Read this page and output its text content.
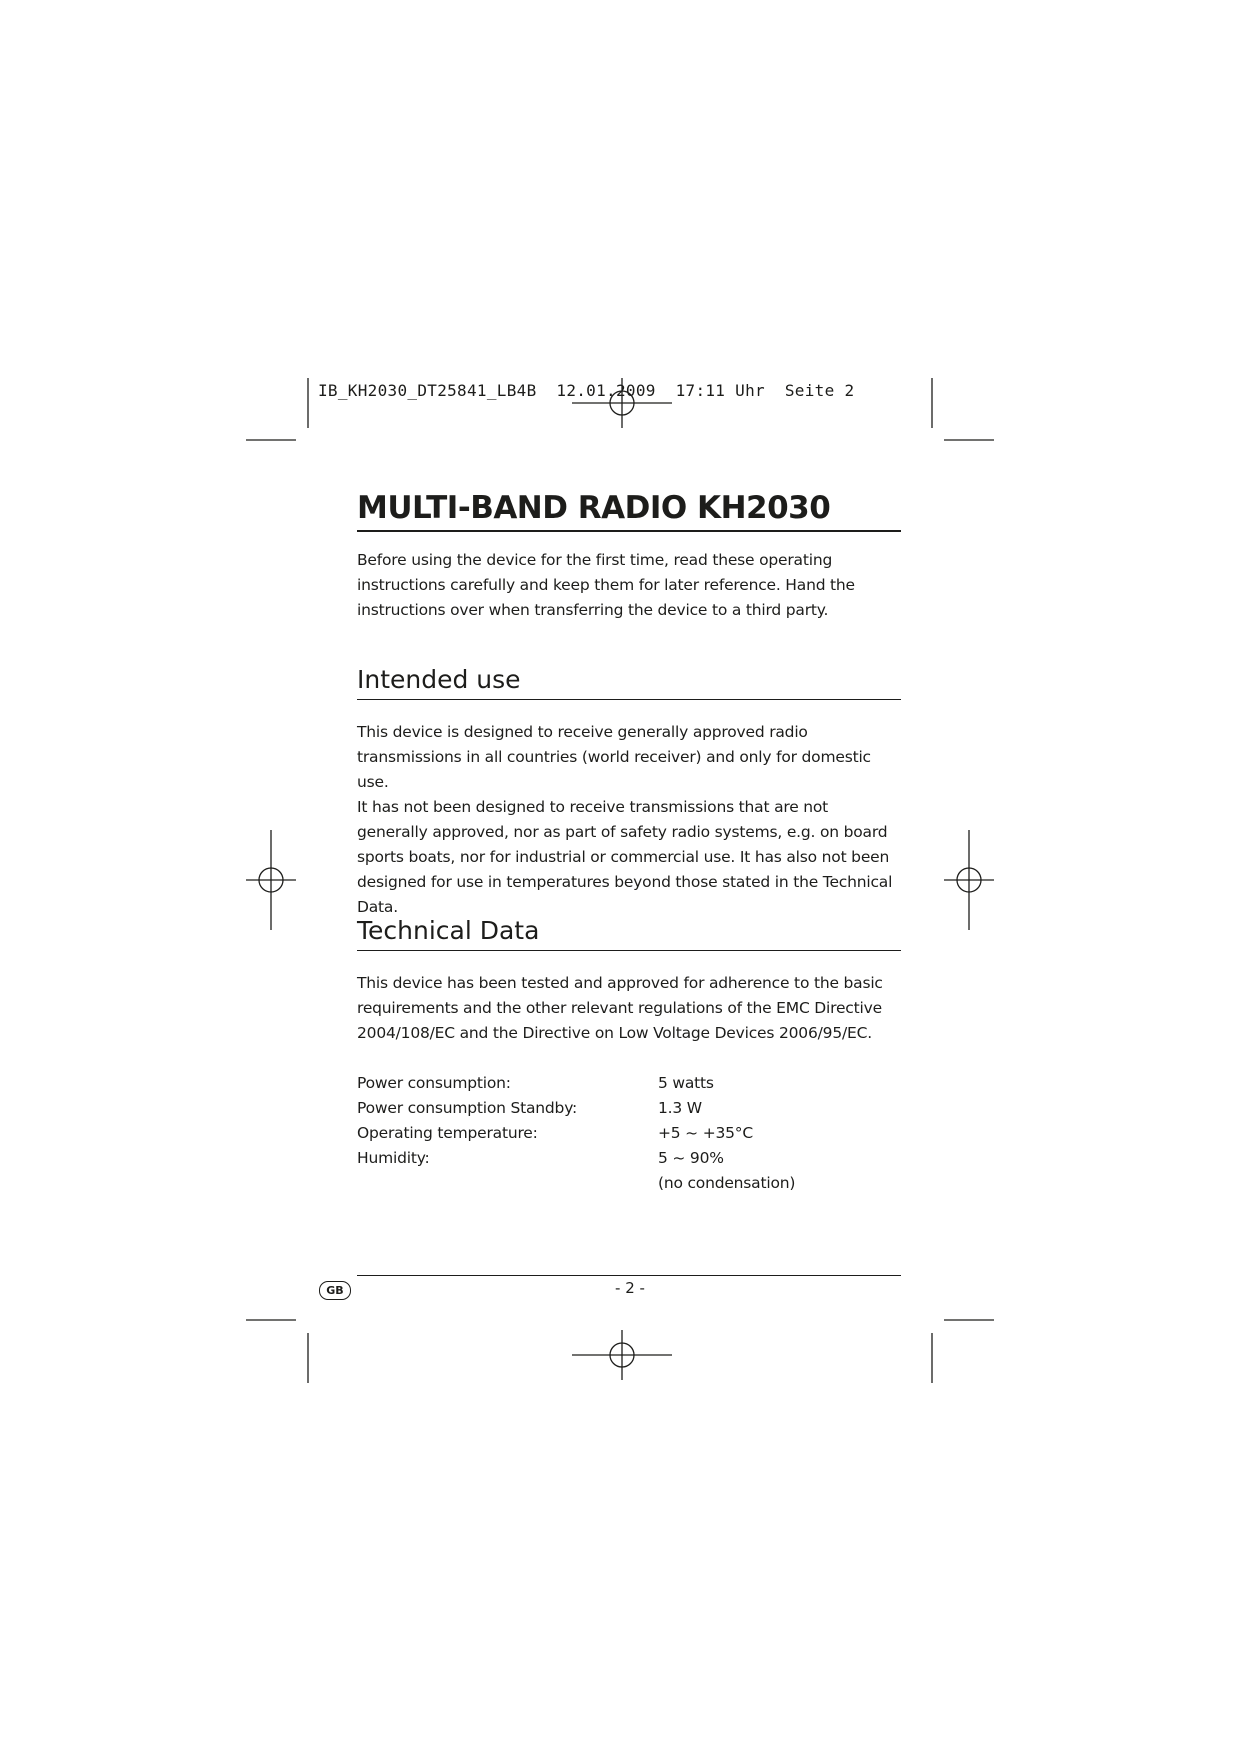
IB_KH2030_DT25841_LB4B  12.01.2009  17:11 Uhr  Seite 2
MULTI-BAND RADIO KH2030

Before using the device for the first time, read these operating instructions carefully and keep them for later reference. Hand the instructions over when transferring the device to a third party.

Intended use

This device is designed to receive generally approved radio transmissions in all countries (world receiver) and only for domestic use.

It has not been designed to receive transmissions that are not generally approved, nor as part of safety radio systems, e.g. on board sports boats, nor for industrial or commercial use. It has also not been designed for use in temperatures beyond those stated in the Technical Data.

Technical Data

This device has been tested and approved for adherence to the basic requirements and the other relevant regulations of the EMC Directive 2004/108/EC and the Directive on Low Voltage Devices 2006/95/EC.

Power consumption:	5 watts
Power consumption Standby:	1.3 W
Operating temperature:	+5 ~ +35°C
Humidity:	5 ~ 90%
(no condensation)
GB	- 2 -
